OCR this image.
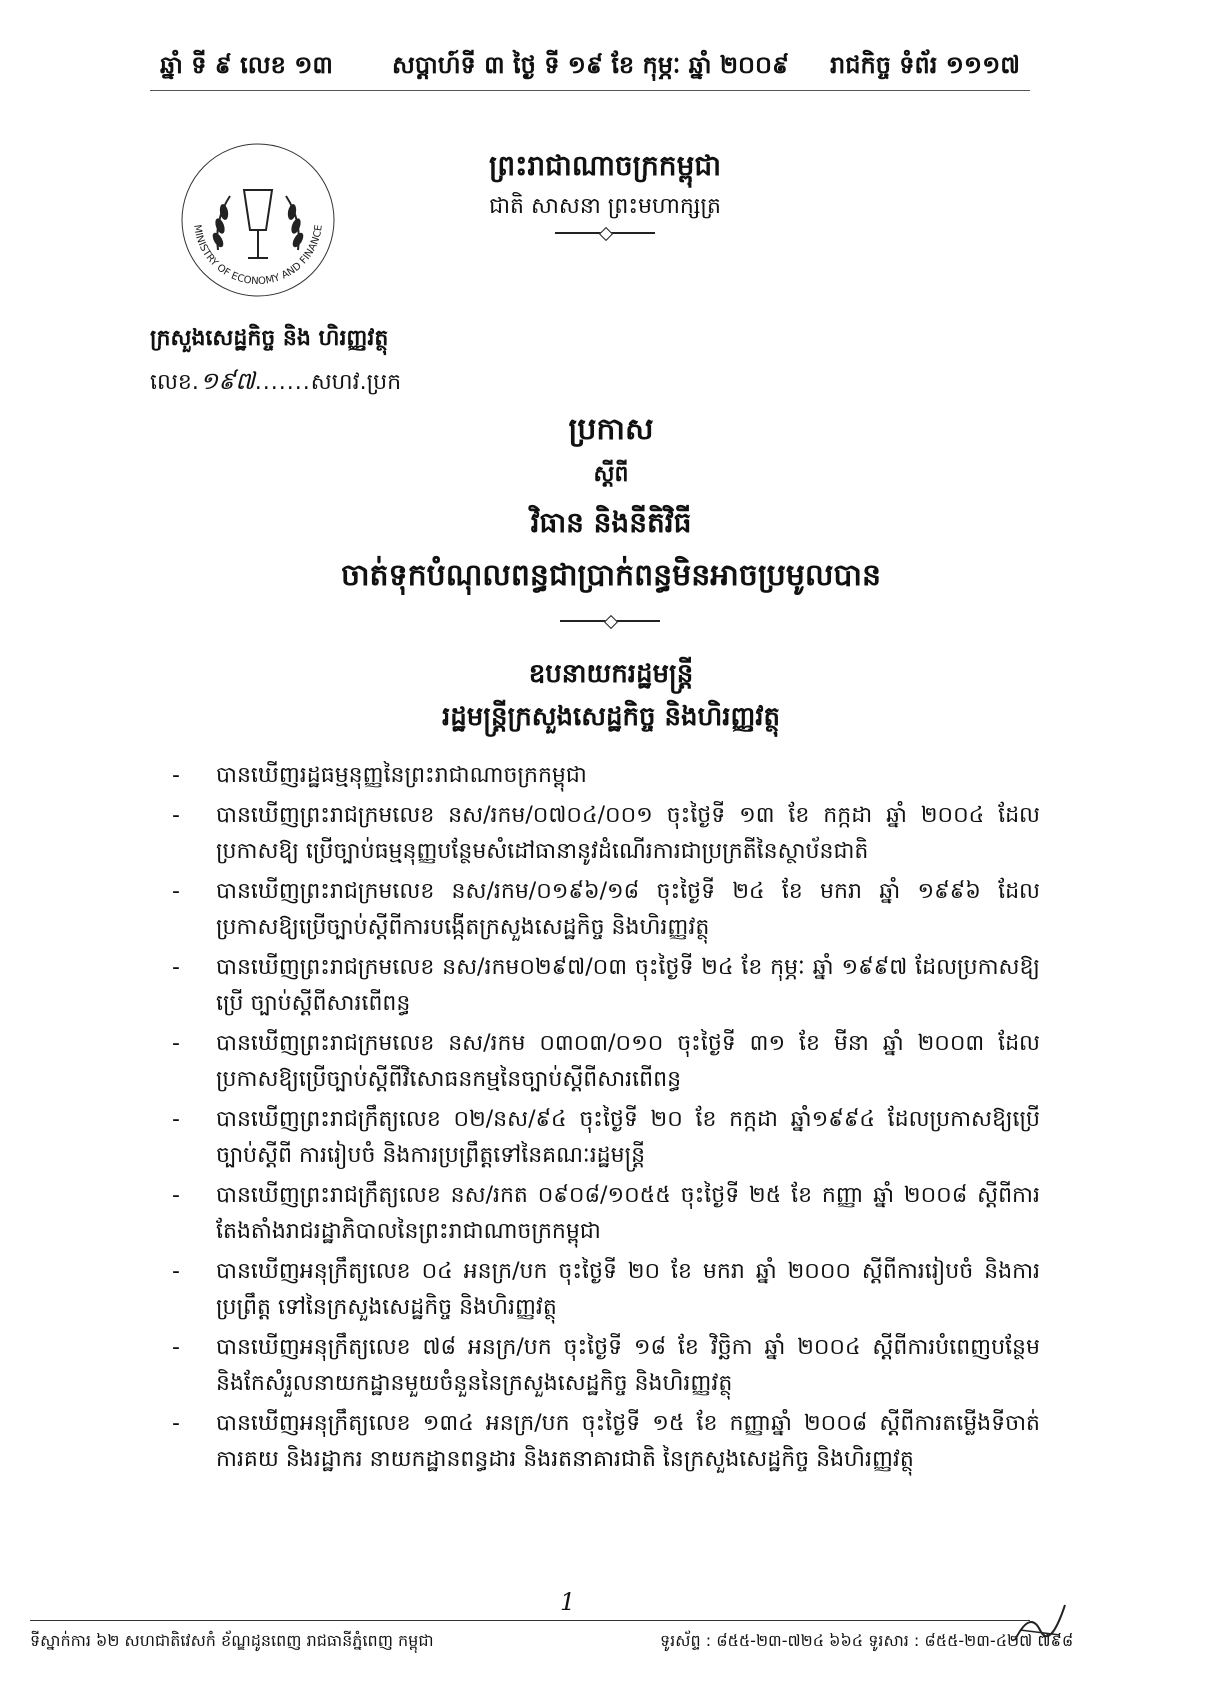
ឆ្នាំ ទី ៩ លេខ ១៣ សប្តាហ៍ទី ៣ ថ្ងៃ ទី ១៩ ខែ កុម្ភៈ ឆ្នាំ ២០០៩ រាជកិច្ច ទំព័រ ១១១៧
ព្រះរាជាណាចក្រកម្ពុជា
ជាតិ សាសនា ព្រះមហាក្សត្រ
MINISTRY OF ECONOMY AND FINANCE
ក្រសួងសេដ្ឋកិច្ច និង ហិរញ្ញវត្ថុ
លេខ.១៩៧.......សហវ.ប្រក
ប្រកាស
ស្តីពី
វិធាន និងនីតិវិធី
ចាត់ទុកបំណុលពន្ធជាប្រាក់ពន្ធមិនអាចប្រមូលបាន
ឧបនាយករដ្ឋមន្ត្រី
រដ្ឋមន្ត្រីក្រសួងសេដ្ឋកិច្ច និងហិរញ្ញវត្ថុ
- បានឃើញរដ្ឋធម្មនុញ្ញនៃព្រះរាជាណាចក្រកម្ពុជា
- បានឃើញព្រះរាជក្រមលេខ នស/រកម/០៧០៤/០០១ ចុះថ្ងៃទី ១៣ ខែ កក្កដា ឆ្នាំ ២០០៤ ដែលប្រកាសឱ្យ ប្រើច្បាប់ធម្មនុញ្ញបន្ថែមសំដៅធានានូវដំណើរការជាប្រក្រតីនៃស្ថាប័នជាតិ
- បានឃើញព្រះរាជក្រមលេខ នស/រកម/០១៩៦/១៨ ចុះថ្ងៃទី ២៤ ខែ មករា ឆ្នាំ ១៩៩៦ ដែលប្រកាសឱ្យប្រើច្បាប់ស្តីពីការបង្កើតក្រសួងសេដ្ឋកិច្ច និងហិរញ្ញវត្ថុ
- បានឃើញព្រះរាជក្រមលេខ នស/រកម០២៩៧/០៣ ចុះថ្ងៃទី ២៤ ខែ កុម្ភៈ ឆ្នាំ ១៩៩៧ ដែលប្រកាសឱ្យប្រើ ច្បាប់ស្តីពីសារពើពន្ធ
- បានឃើញព្រះរាជក្រមលេខ នស/រកម ០៣០៣/០១០ ចុះថ្ងៃទី ៣១ ខែ មីនា ឆ្នាំ ២០០៣ ដែលប្រកាសឱ្យប្រើច្បាប់ស្តីពីវិសោធនកម្មនៃច្បាប់ស្តីពីសារពើពន្ធ
- បានឃើញព្រះរាជក្រឹត្យលេខ ០២/នស/៩៤ ចុះថ្ងៃទី ២០ ខែ កក្កដា ឆ្នាំ១៩៩៤ ដែលប្រកាសឱ្យប្រើច្បាប់ស្តីពី ការរៀបចំ និងការប្រព្រឹត្តទៅនៃគណៈរដ្ឋមន្ត្រី
- បានឃើញព្រះរាជក្រឹត្យលេខ នស/រកត ០៩០៨/១០៥៥ ចុះថ្ងៃទី ២៥ ខែ កញ្ញា ឆ្នាំ ២០០៨ ស្តីពីការតែងតាំងរាជរដ្ឋាភិបាលនៃព្រះរាជាណាចក្រកម្ពុជា
- បានឃើញអនុក្រឹត្យលេខ ០៤ អនក្រ/បក ចុះថ្ងៃទី ២០ ខែ មករា ឆ្នាំ ២០០០ ស្តីពីការរៀបចំ និងការប្រព្រឹត្ត ទៅនៃក្រសួងសេដ្ឋកិច្ច និងហិរញ្ញវត្ថុ
- បានឃើញអនុក្រឹត្យលេខ ៧៨ អនក្រ/បក ចុះថ្ងៃទី ១៨ ខែ វិច្ឆិកា ឆ្នាំ ២០០៤ ស្តីពីការបំពេញបន្ថែម និងកែសំរួលនាយកដ្ឋានមួយចំនួននៃក្រសួងសេដ្ឋកិច្ច និងហិរញ្ញវត្ថុ
- បានឃើញអនុក្រឹត្យលេខ ១៣៤ អនក្រ/បក ចុះថ្ងៃទី ១៥ ខែ កញ្ញាឆ្នាំ ២០០៨ ស្តីពីការតម្លើងទីចាត់ការគយ និងរដ្ឋាករ នាយកដ្ឋានពន្ធដារ និងរតនាគារជាតិ នៃក្រសួងសេដ្ឋកិច្ច និងហិរញ្ញវត្ថុ
1
ទីស្នាក់ការ ៦២ សហជាតិវេសកំ ខ័ណ្ឌដូនពេញ រាជធានីភ្នំពេញ កម្ពុជា	ទូរស័ព្ទ : ៨៥៥-២៣-៧២៤ ៦៦៤ ទូរសារ : ៨៥៥-២៣-៤២៧ ៧៩៨
